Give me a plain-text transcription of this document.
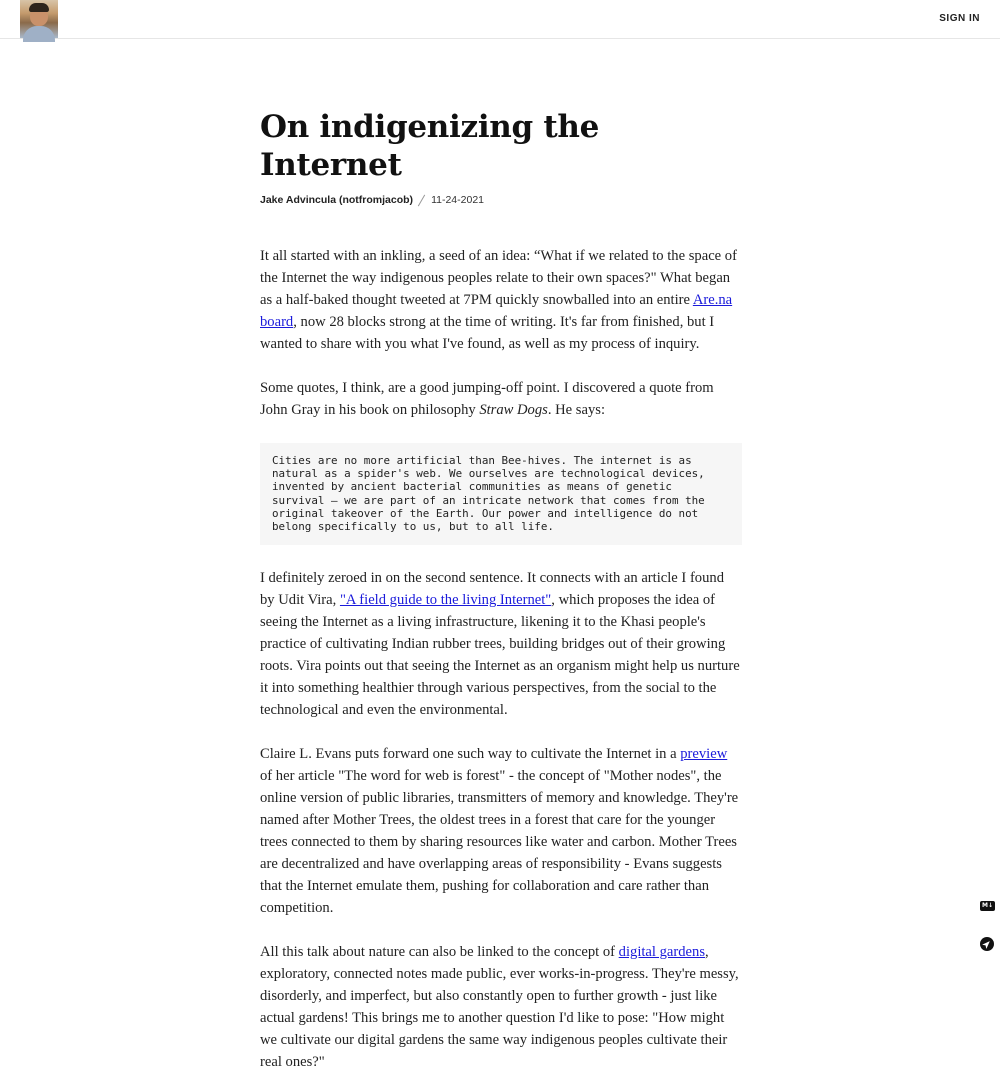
SIGN IN
On indigenizing the Internet
Jake Advincula (notfromjacob) 11-24-2021

It all started with an inkling, a seed of an idea: “What if we related to the space of the Internet the way indigenous peoples relate to their own spaces?" What began as a half-baked thought tweeted at 7PM quickly snowballed into an entire Are.na board, now 28 blocks strong at the time of writing. It's far from finished, but I wanted to share with you what I've found, as well as my process of inquiry.

Some quotes, I think, are a good jumping-off point. I discovered a quote from John Gray in his book on philosophy Straw Dogs. He says:

Cities are no more artificial than Bee-hives. The internet is as natural as a spider's web. We ourselves are technological devices, invented by ancient bacterial communities as means of genetic survival – we are part of an intricate network that comes from the original takeover of the Earth. Our power and intelligence do not belong specifically to us, but to all life.

I definitely zeroed in on the second sentence. It connects with an article I found by Udit Vira, "A field guide to the living Internet", which proposes the idea of seeing the Internet as a living infrastructure, likening it to the Khasi people's practice of cultivating Indian rubber trees, building bridges out of their growing roots. Vira points out that seeing the Internet as an organism might help us nurture it into something healthier through various perspectives, from the social to the technological and even the environmental.

Claire L. Evans puts forward one such way to cultivate the Internet in a preview of her article "The word for web is forest" - the concept of "Mother nodes", the online version of public libraries, transmitters of memory and knowledge. They're named after Mother Trees, the oldest trees in a forest that care for the younger trees connected to them by sharing resources like water and carbon. Mother Trees are decentralized and have overlapping areas of responsibility - Evans suggests that the Internet emulate them, pushing for collaboration and care rather than competition.

All this talk about nature can also be linked to the concept of digital gardens, exploratory, connected notes made public, ever works-in-progress. They're messy, disorderly, and imperfect, but also constantly open to further growth - just like actual gardens! This brings me to another question I'd like to pose: "How might we cultivate our digital gardens the same way indigenous peoples cultivate their real ones?"

M↓
